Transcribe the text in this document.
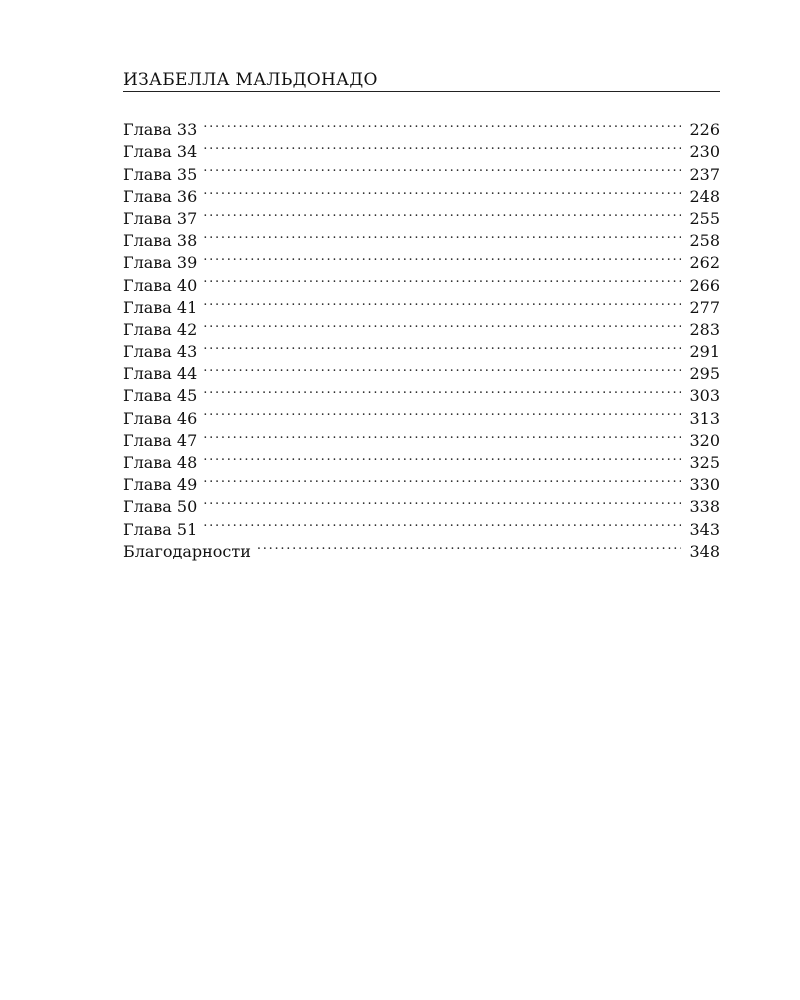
ИЗАБЕЛЛА МАЛЬДОНАДО
Глава 33 . . .	226
Глава 34 . . .	230
Глава 35 . . .	237
Глава 36 . . .	248
Глава 37 . . .	255
Глава 38 . . .	258
Глава 39 . . .	262
Глава 40 . . .	266
Глава 41 . . .	277
Глава 42 . . .	283
Глава 43 . . .	291
Глава 44 . . .	295
Глава 45 . . .	303
Глава 46 . . .	313
Глава 47 . . .	320
Глава 48 . . .	325
Глава 49 . . .	330
Глава 50 . . .	338
Глава 51 . . .	343
Благодарности . . .	348
